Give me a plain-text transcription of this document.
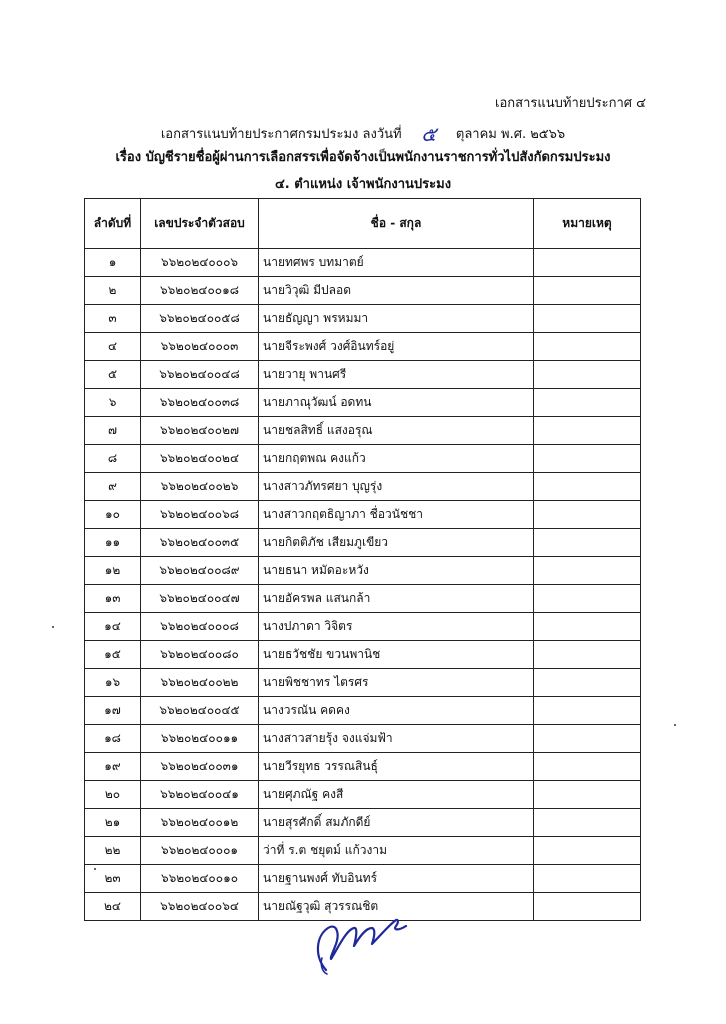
เอกสารแนบท้ายประกาศ ๔
เอกสารแนบท้ายประกาศกรมประมง ลงวันที่ ๕ ตุลาคม พ.ศ. ๒๕๖๖
เรื่อง บัญชีรายชื่อผู้ผ่านการเลือกสรรเพื่อจัดจ้างเป็นพนักงานราชการทั่วไปสังกัดกรมประมง
๔. ตำแหน่ง เจ้าพนักงานประมง
ลำดับที่	เลขประจำตัวสอบ	ชื่อ - สกุล	หมายเหตุ
๑	๖๖๒๐๒๔๐๐๐๖	นายทศพร บทมาตย์	
๒	๖๖๒๐๒๔๐๐๑๘	นายวิวุฒิ มีปลอด	
๓	๖๖๒๐๒๔๐๐๕๘	นายธัญญา พรหมมา	
๔	๖๖๒๐๒๔๐๐๐๓	นายจีระพงศ์ วงศ์อินทร์อยู่	
๕	๖๖๒๐๒๔๐๐๔๘	นายวายุ พานศรี	
๖	๖๖๒๐๒๔๐๐๓๘	นายภาณุวัฒน์ อดทน	
๗	๖๖๒๐๒๔๐๐๒๗	นายชลสิทธิ์ แสงอรุณ	
๘	๖๖๒๐๒๔๐๐๒๔	นายกฤตพณ คงแก้ว	
๙	๖๖๒๐๒๔๐๐๒๖	นางสาวภัทรศยา บุญรุ่ง	
๑๐	๖๖๒๐๒๔๐๐๖๘	นางสาวกฤตธิญาภา ชื่อวนัชชา	
๑๑	๖๖๒๐๒๔๐๐๓๕	นายกิตติภัช เสียมภูเขียว	
๑๒	๖๖๒๐๒๔๐๐๘๙	นายธนา หมัดอะหวัง	
๑๓	๖๖๒๐๒๔๐๐๔๗	นายอัครพล แสนกล้า	
๑๔	๖๖๒๐๒๔๐๐๐๘	นางปภาดา วิจิตร	
๑๕	๖๖๒๐๒๔๐๐๘๐	นายธวัชชัย ขวนพานิช	
๑๖	๖๖๒๐๒๔๐๐๒๒	นายพิชชาทร ไตรศร	
๑๗	๖๖๒๐๒๔๐๐๔๕	นางวรณัน คดคง	
๑๘	๖๖๒๐๒๔๐๐๑๑	นางสาวสายรุ้ง จงแจ่มฟ้า	
๑๙	๖๖๒๐๒๔๐๐๓๑	นายวีรยุทธ วรรณสินธุ์	
๒๐	๖๖๒๐๒๔๐๐๔๑	นายศุภณัฐ คงสี	
๒๑	๖๖๒๐๒๔๐๐๑๒	นายสุรศักดิ์ สมภักดีย์	
๒๒	๖๖๒๐๒๔๐๐๐๑	ว่าที่ ร.ต ชยุตม์ แก้วงาม	
๒๓	๖๖๒๐๒๔๐๐๑๐	นายฐานพงศ์ ทับอินทร์	
๒๔	๖๖๒๐๒๔๐๐๖๔	นายณัฐวุฒิ สุวรรณชิต	
